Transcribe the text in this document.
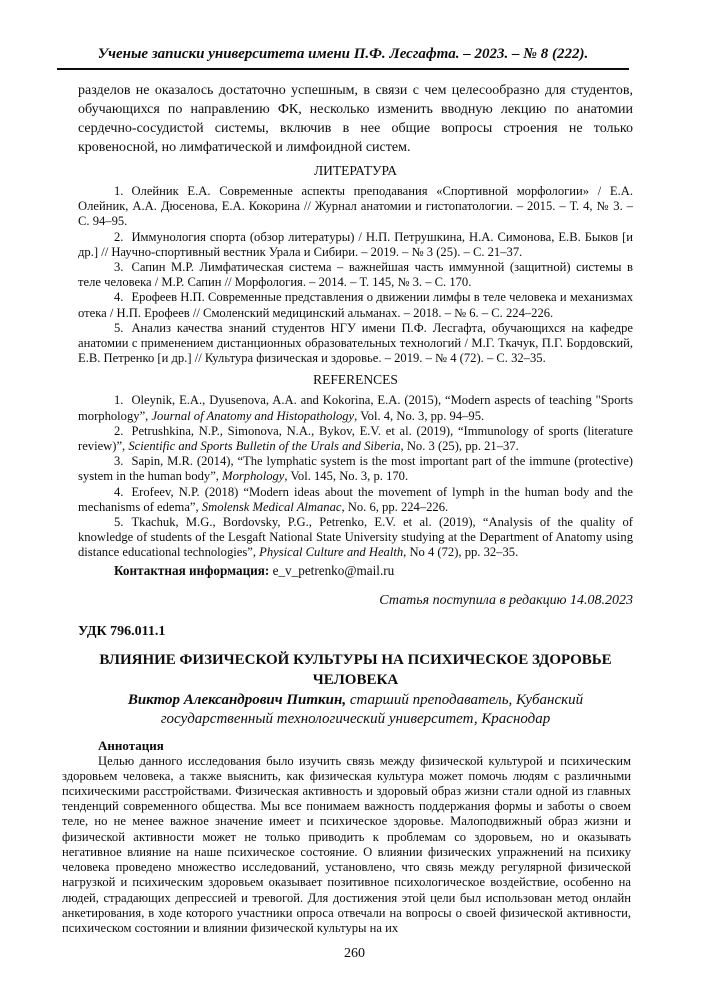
Ученые записки университета имени П.Ф. Лесгафта. – 2023. – № 8 (222).

разделов не оказалось достаточно успешным, в связи с чем целесообразно для студентов, обучающихся по направлению ФК, несколько изменить вводную лекцию по анатомии сердечно-сосудистой системы, включив в нее общие вопросы строения не только кровеносной, но лимфатической и лимфоидной систем.

ЛИТЕРАТУРА

1. Олейник Е.А. Современные аспекты преподавания «Спортивной морфологии» / Е.А. Олейник, А.А. Дюсенова, Е.А. Кокорина // Журнал анатомии и гистопатологии. – 2015. – Т. 4, № 3. – С. 94–95.

2. Иммунология спорта (обзор литературы) / Н.П. Петрушкина, Н.А. Симонова, Е.В. Быков [и др.] // Научно-спортивный вестник Урала и Сибири. – 2019. – № 3 (25). – С. 21–37.

3. Сапин М.Р. Лимфатическая система – важнейшая часть иммунной (защитной) системы в теле человека / М.Р. Сапин // Морфология. – 2014. – Т. 145, № 3. – С. 170.

4. Ерофеев Н.П. Современные представления о движении лимфы в теле человека и механизмах отека / Н.П. Ерофеев // Смоленский медицинский альманах. – 2018. – № 6. – С. 224–226.

5. Анализ качества знаний студентов НГУ имени П.Ф. Лесгафта, обучающихся на кафедре анатомии с применением дистанционных образовательных технологий / М.Г. Ткачук, П.Г. Бордовский, Е.В. Петренко [и др.] // Культура физическая и здоровье. – 2019. – № 4 (72). – С. 32–35.

REFERENCES

1. Oleynik, E.A., Dyusenova, A.A. and Kokorina, E.A. (2015), “Modern aspects of teaching "Sports morphology”, Journal of Anatomy and Histopathology, Vol. 4, No. 3, pp. 94–95.

2. Petrushkina, N.P., Simonova, N.A., Bykov, E.V. et al. (2019), “Immunology of sports (literature review)”, Scientific and Sports Bulletin of the Urals and Siberia, No. 3 (25), pp. 21–37.

3. Sapin, M.R. (2014), “The lymphatic system is the most important part of the immune (protective) system in the human body”, Morphology, Vol. 145, No. 3, p. 170.

4. Erofeev, N.P. (2018) “Modern ideas about the movement of lymph in the human body and the mechanisms of edema”, Smolensk Medical Almanac, No. 6, pp. 224–226.

5. Tkachuk, M.G., Bordovsky, P.G., Petrenko, E.V. et al. (2019), “Analysis of the quality of knowledge of students of the Lesgaft National State University studying at the Department of Anatomy using distance educational technologies”, Physical Culture and Health, No 4 (72), pp. 32–35.

Контактная информация: e_v_petrenko@mail.ru

Статья поступила в редакцию 14.08.2023

УДК 796.011.1

ВЛИЯНИЕ ФИЗИЧЕСКОЙ КУЛЬТУРЫ НА ПСИХИЧЕСКОЕ ЗДОРОВЬЕ ЧЕЛОВЕКА

Виктор Александрович Питкин, старший преподаватель, Кубанский государственный технологический университет, Краснодар

Аннотация

Целью данного исследования было изучить связь между физической культурой и психическим здоровьем человека, а также выяснить, как физическая культура может помочь людям с различными психическими расстройствами. Физическая активность и здоровый образ жизни стали одной из главных тенденций современного общества. Мы все понимаем важность поддержания формы и заботы о своем теле, но не менее важное значение имеет и психическое здоровье. Малоподвижный образ жизни и физической активности может не только приводить к проблемам со здоровьем, но и оказывать негативное влияние на наше психическое состояние. О влиянии физических упражнений на психику человека проведено множество исследований, установлено, что связь между регулярной физической нагрузкой и психическим здоровьем оказывает позитивное психологическое воздействие, особенно на людей, страдающих депрессией и тревогой. Для достижения этой цели был использован метод онлайн анкетирования, в ходе которого участники опроса отвечали на вопросы о своей физической активности, психическом состоянии и влиянии физической культуры на их

260
